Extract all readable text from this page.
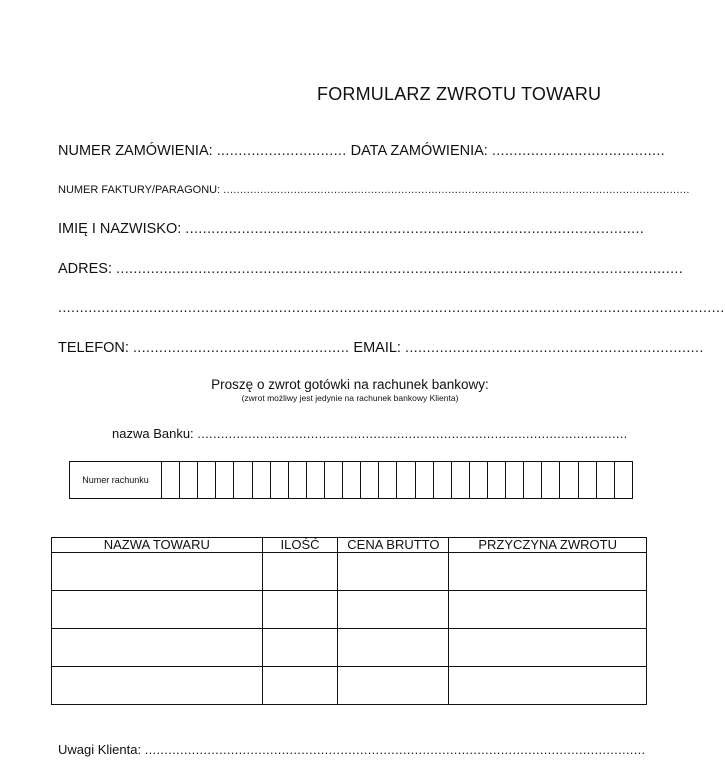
FORMULARZ ZWROTU TOWARU
NUMER ZAMÓWIENIA: .............................. DATA ZAMÓWIENIA: ........................................
NUMER FAKTURY/PARAGONU: ...........................................................................................................................................
IMIĘ I NAZWISKO: ..........................................................................................................
ADRES: ...................................................................................................................................
..........................................................................................................................................................
TELEFON: .................................................. EMAIL: .....................................................................
Proszę o zwrot gotówki na rachunek bankowy:
(zwrot możliwy jest jedynie na rachunek bankowy Klienta)
nazwa Banku: ..............................................................................................................
Numer rachunku
NAZWA TOWARU	ILOŚĆ	CENA BRUTTO	PRZYCZYNA ZWROTU

Uwagi Klienta: ................................................................................................................................
